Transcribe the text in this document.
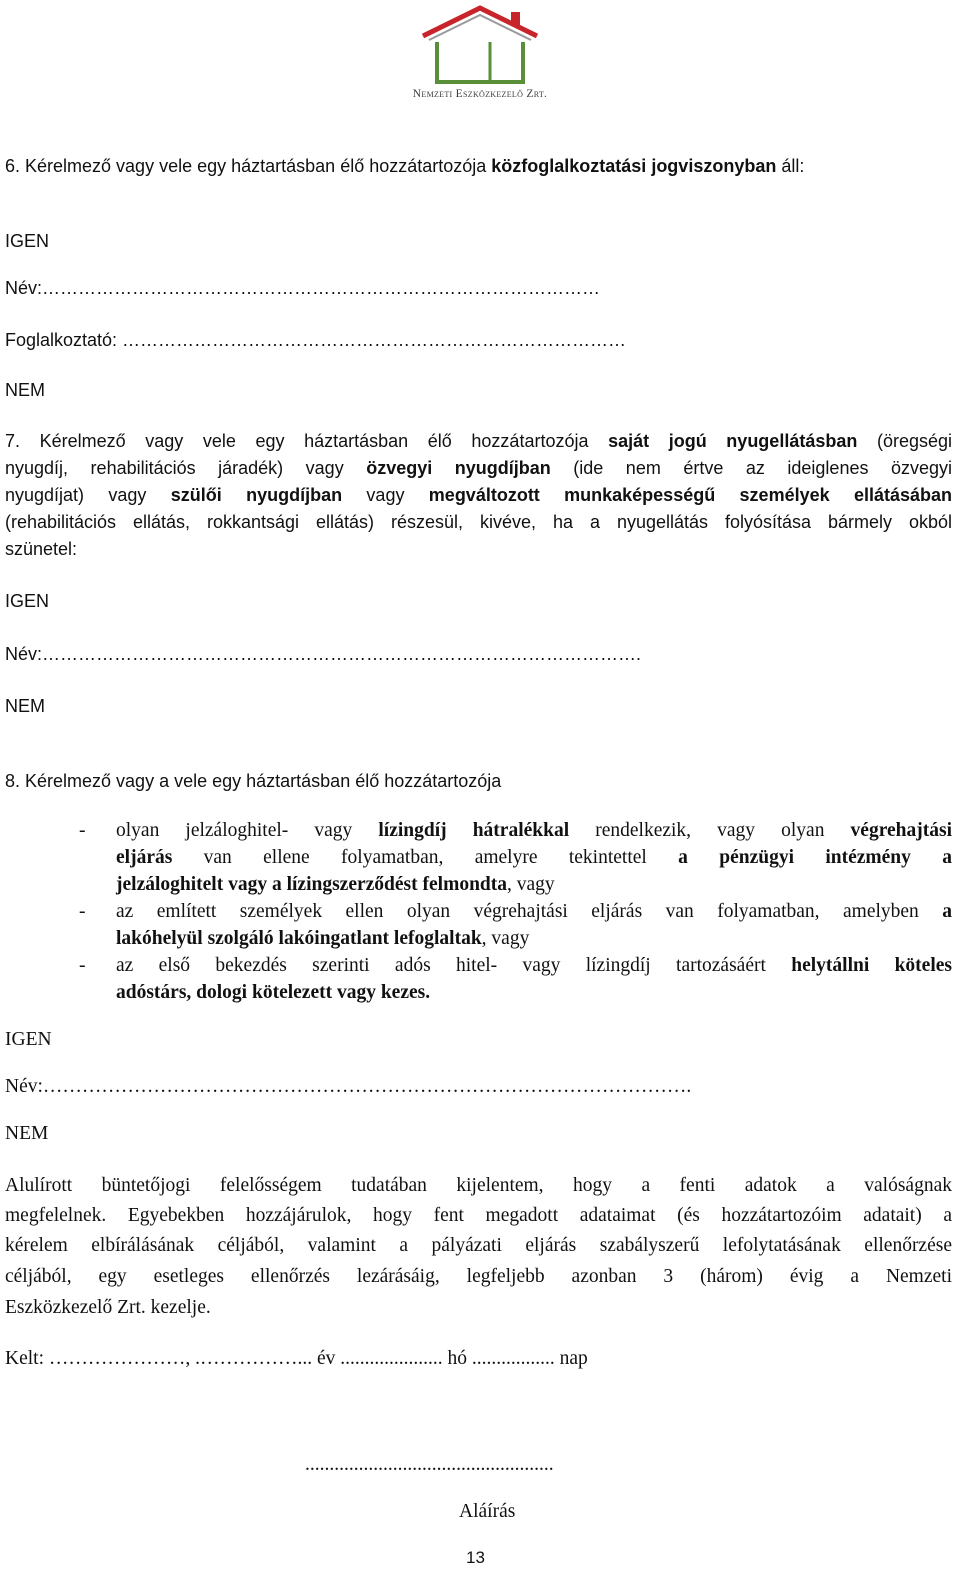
Nemzeti Eszközkezelő Zrt.
6. Kérelmező vagy vele egy háztartásban élő hozzátartozója közfoglalkoztatási jogviszonyban áll:
IGEN
Név:…………………………………………………………………………………
Foglalkoztató: …………………………………………………………………………
NEM
7. Kérelmező vagy vele egy háztartásban élő hozzátartozója saját jogú nyugellátásban (öregségi
nyugdíj, rehabilitációs járadék) vagy özvegyi nyugdíjban (ide nem értve az ideiglenes özvegyi
nyugdíjat) vagy szülői nyugdíjban vagy megváltozott munkaképességű személyek ellátásában
(rehabilitációs ellátás, rokkantsági ellátás) részesül, kivéve, ha a nyugellátás folyósítása bármely okból
szünetel:
IGEN
Név:……………………………………………………………………………………….
NEM
8. Kérelmező vagy a vele egy háztartásban élő hozzátartozója
- olyan jelzáloghitel- vagy lízingdíj hátralékkal rendelkezik, vagy olyan végrehajtási
eljárás van ellene folyamatban, amelyre tekintettel a pénzügyi intézmény a
jelzáloghitelt vagy a lízingszerződést felmondta, vagy
- az említett személyek ellen olyan végrehajtási eljárás van folyamatban, amelyben a
lakóhelyül szolgáló lakóingatlant lefoglaltak, vagy
- az első bekezdés szerinti adós hitel- vagy lízingdíj tartozásáért helytállni köteles
adóstárs, dologi kötelezett vagy kezes.
IGEN
Név:……………………………………………………………………………………….
NEM
Alulírott büntetőjogi felelősségem tudatában kijelentem, hogy a fenti adatok a valóságnak
megfelelnek. Egyebekben hozzájárulok, hogy fent megadott adataimat (és hozzátartozóim adatait) a
kérelem elbírálásának céljából, valamint a pályázati eljárás szabályszerű lefolytatásának ellenőrzése
céljából, egy esetleges ellenőrzés lezárásáig, legfeljebb azonban 3 (három) évig a Nemzeti
Eszközkezelő Zrt. kezelje.
Kelt: …………………, .……………... év ..................... hó ................. nap
...................................................
Aláírás
13
